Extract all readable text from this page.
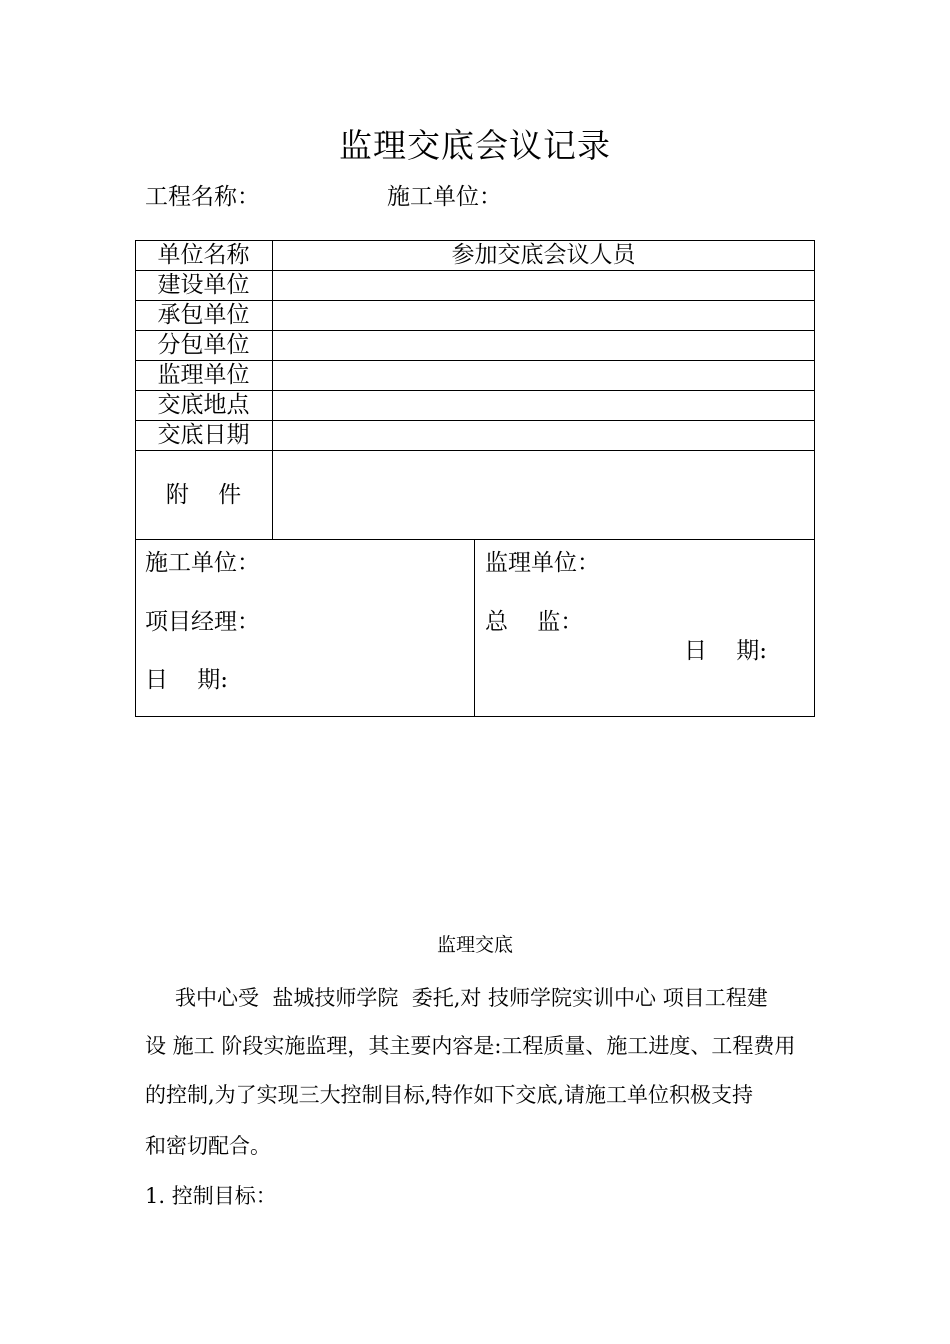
监理交底会议记录
工程名称：	施工单位：
单位名称	参加交底会议人员
建设单位
承包单位
分包单位
监理单位
交底地点
交底日期
附    件
施工单位：
项目经理：
日    期:
监理单位：
总    监：
日    期:
监理交底
我中心受  盐城技师学院  委托,对 技师学院实训中心 项目工程建
设 施工 阶段实施监理，其主要内容是:工程质量、施工进度、工程费用
的控制,为了实现三大控制目标,特作如下交底,请施工单位积极支持
和密切配合。
1. 控制目标：
